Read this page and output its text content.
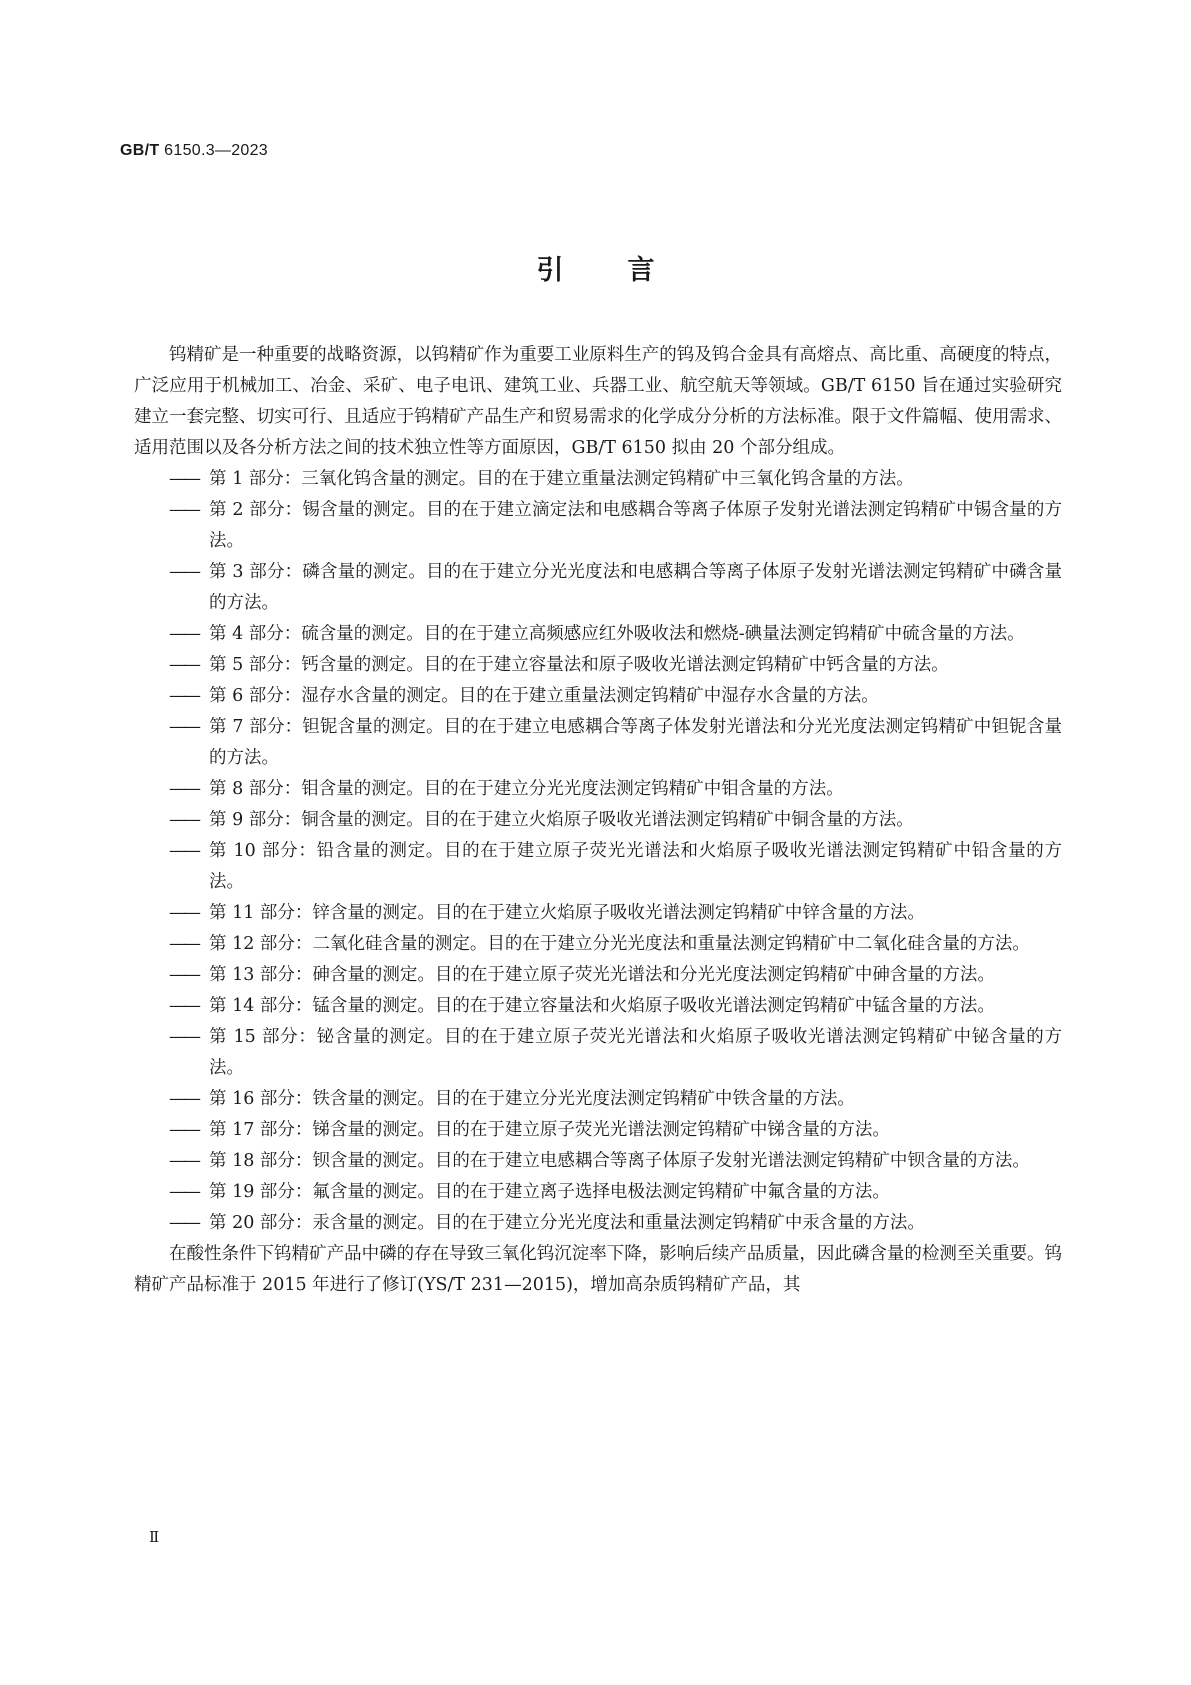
GB/T 6150.3—2023
引言

钨精矿是一种重要的战略资源，以钨精矿作为重要工业原料生产的钨及钨合金具有高熔点、高比重、高硬度的特点，广泛应用于机械加工、冶金、采矿、电子电讯、建筑工业、兵器工业、航空航天等领域。GB/T 6150 旨在通过实验研究建立一套完整、切实可行、且适应于钨精矿产品生产和贸易需求的化学成分分析的方法标准。限于文件篇幅、使用需求、适用范围以及各分析方法之间的技术独立性等方面原因，GB/T 6150 拟由 20 个部分组成。

—— 第 1 部分：三氧化钨含量的测定。目的在于建立重量法测定钨精矿中三氧化钨含量的方法。
—— 第 2 部分：锡含量的测定。目的在于建立滴定法和电感耦合等离子体原子发射光谱法测定钨精矿中锡含量的方法。
—— 第 3 部分：磷含量的测定。目的在于建立分光光度法和电感耦合等离子体原子发射光谱法测定钨精矿中磷含量的方法。
—— 第 4 部分：硫含量的测定。目的在于建立高频感应红外吸收法和燃烧-碘量法测定钨精矿中硫含量的方法。
—— 第 5 部分：钙含量的测定。目的在于建立容量法和原子吸收光谱法测定钨精矿中钙含量的方法。
—— 第 6 部分：湿存水含量的测定。目的在于建立重量法测定钨精矿中湿存水含量的方法。
—— 第 7 部分：钽铌含量的测定。目的在于建立电感耦合等离子体发射光谱法和分光光度法测定钨精矿中钽铌含量的方法。
—— 第 8 部分：钼含量的测定。目的在于建立分光光度法测定钨精矿中钼含量的方法。
—— 第 9 部分：铜含量的测定。目的在于建立火焰原子吸收光谱法测定钨精矿中铜含量的方法。
—— 第 10 部分：铅含量的测定。目的在于建立原子荧光光谱法和火焰原子吸收光谱法测定钨精矿中铅含量的方法。
—— 第 11 部分：锌含量的测定。目的在于建立火焰原子吸收光谱法测定钨精矿中锌含量的方法。
—— 第 12 部分：二氧化硅含量的测定。目的在于建立分光光度法和重量法测定钨精矿中二氧化硅含量的方法。
—— 第 13 部分：砷含量的测定。目的在于建立原子荧光光谱法和分光光度法测定钨精矿中砷含量的方法。
—— 第 14 部分：锰含量的测定。目的在于建立容量法和火焰原子吸收光谱法测定钨精矿中锰含量的方法。
—— 第 15 部分：铋含量的测定。目的在于建立原子荧光光谱法和火焰原子吸收光谱法测定钨精矿中铋含量的方法。
—— 第 16 部分：铁含量的测定。目的在于建立分光光度法测定钨精矿中铁含量的方法。
—— 第 17 部分：锑含量的测定。目的在于建立原子荧光光谱法测定钨精矿中锑含量的方法。
—— 第 18 部分：钡含量的测定。目的在于建立电感耦合等离子体原子发射光谱法测定钨精矿中钡含量的方法。
—— 第 19 部分：氟含量的测定。目的在于建立离子选择电极法测定钨精矿中氟含量的方法。
—— 第 20 部分：汞含量的测定。目的在于建立分光光度法和重量法测定钨精矿中汞含量的方法。

在酸性条件下钨精矿产品中磷的存在导致三氧化钨沉淀率下降，影响后续产品质量，因此磷含量的检测至关重要。钨精矿产品标准于 2015 年进行了修订(YS/T 231—2015)，增加高杂质钨精矿产品，其

Ⅱ
